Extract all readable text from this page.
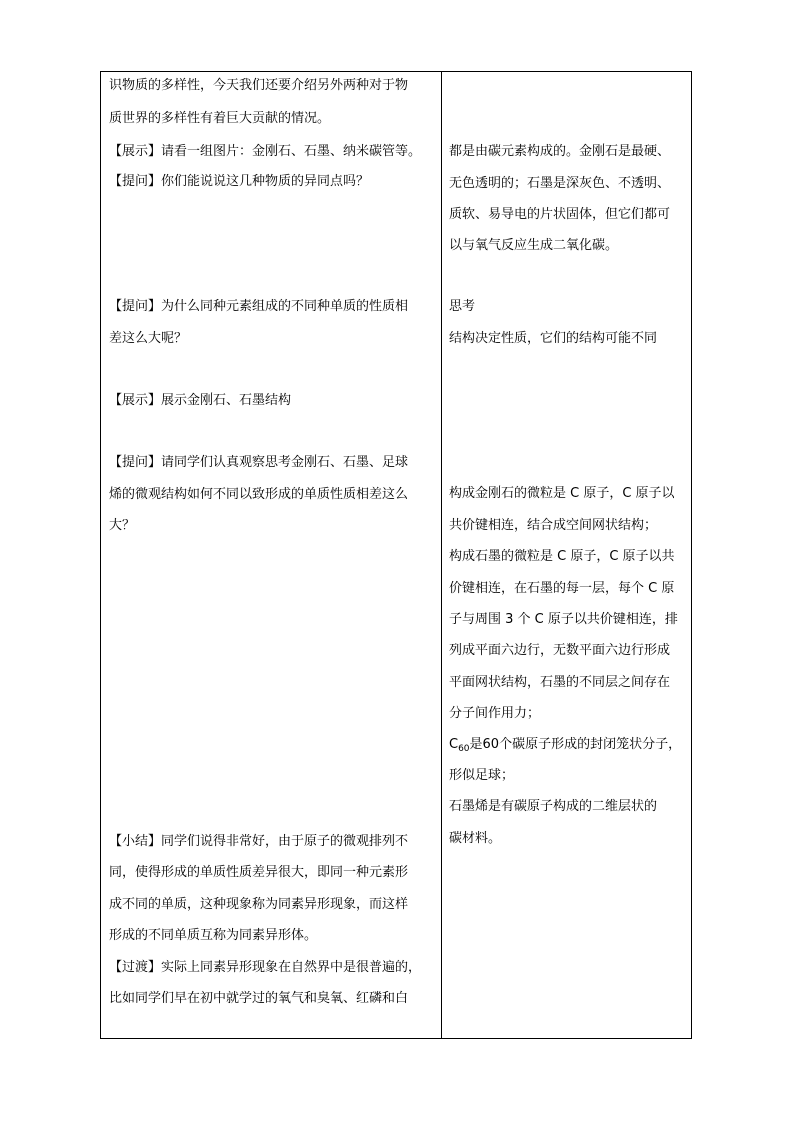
识物质的多样性，今天我们还要介绍另外两种对于物
质世界的多样性有着巨大贡献的情况。
【展示】请看一组图片：金刚石、石墨、纳米碳管等。
【提问】你们能说说这几种物质的异同点吗？
【提问】为什么同种元素组成的不同种单质的性质相
差这么大呢？
【展示】展示金刚石、石墨结构
【提问】请同学们认真观察思考金刚石、石墨、足球
烯的微观结构如何不同以致形成的单质性质相差这么
大？
【小结】同学们说得非常好，由于原子的微观排列不
同，使得形成的单质性质差异很大，即同一种元素形
成不同的单质，这种现象称为同素异形现象，而这样
形成的不同单质互称为同素异形体。
【过渡】实际上同素异形现象在自然界中是很普遍的，
比如同学们早在初中就学过的氧气和臭氧、红磷和白
都是由碳元素构成的。金刚石是最硬、
无色透明的；石墨是深灰色、不透明、
质软、易导电的片状固体，但它们都可
以与氧气反应生成二氧化碳。
思考
结构决定性质，它们的结构可能不同
构成金刚石的微粒是 C 原子，C 原子以
共价键相连，结合成空间网状结构；
构成石墨的微粒是 C 原子，C 原子以共
价键相连，在石墨的每一层，每个 C 原
子与周围 3 个 C 原子以共价键相连，排
列成平面六边行，无数平面六边行形成
平面网状结构，石墨的不同层之间存在
分子间作用力；
$C_{60}$是60个碳原子形成的封闭笼状分子，
形似足球；
石墨烯是有碳原子构成的二维层状的
碳材料。
